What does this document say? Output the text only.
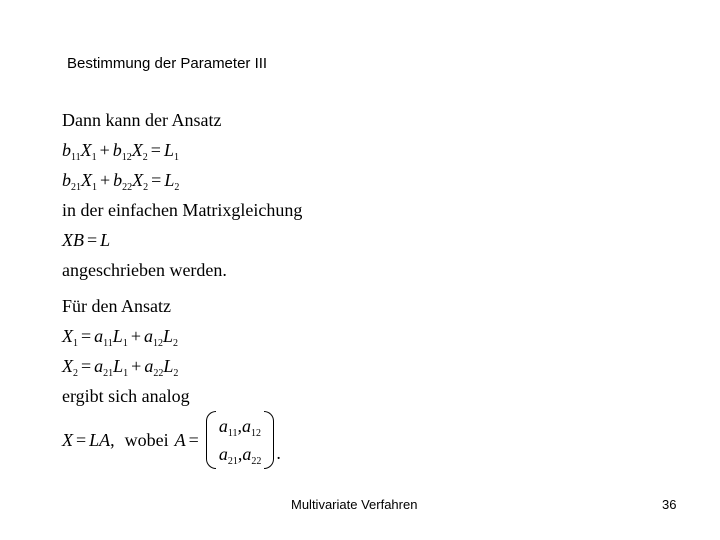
Bestimmung der Parameter III
Dann kann der Ansatz
$b_{11}X_1 + b_{12}X_2 = L_1$
$b_{21}X_1 + b_{22}X_2 = L_2$
in der einfachen Matrixgleichung
XB = L
angeschrieben werden.
Für den Ansatz
$X_1 = a_{11}L_1 + a_{12}L_2$
$X_2 = a_{21}L_1 + a_{22}L_2$
ergibt sich analog
X = L A , wobei A =
$a_{11},a_{12}$
$a_{21},a_{22}$ .
Multivariate Verfahren	36
